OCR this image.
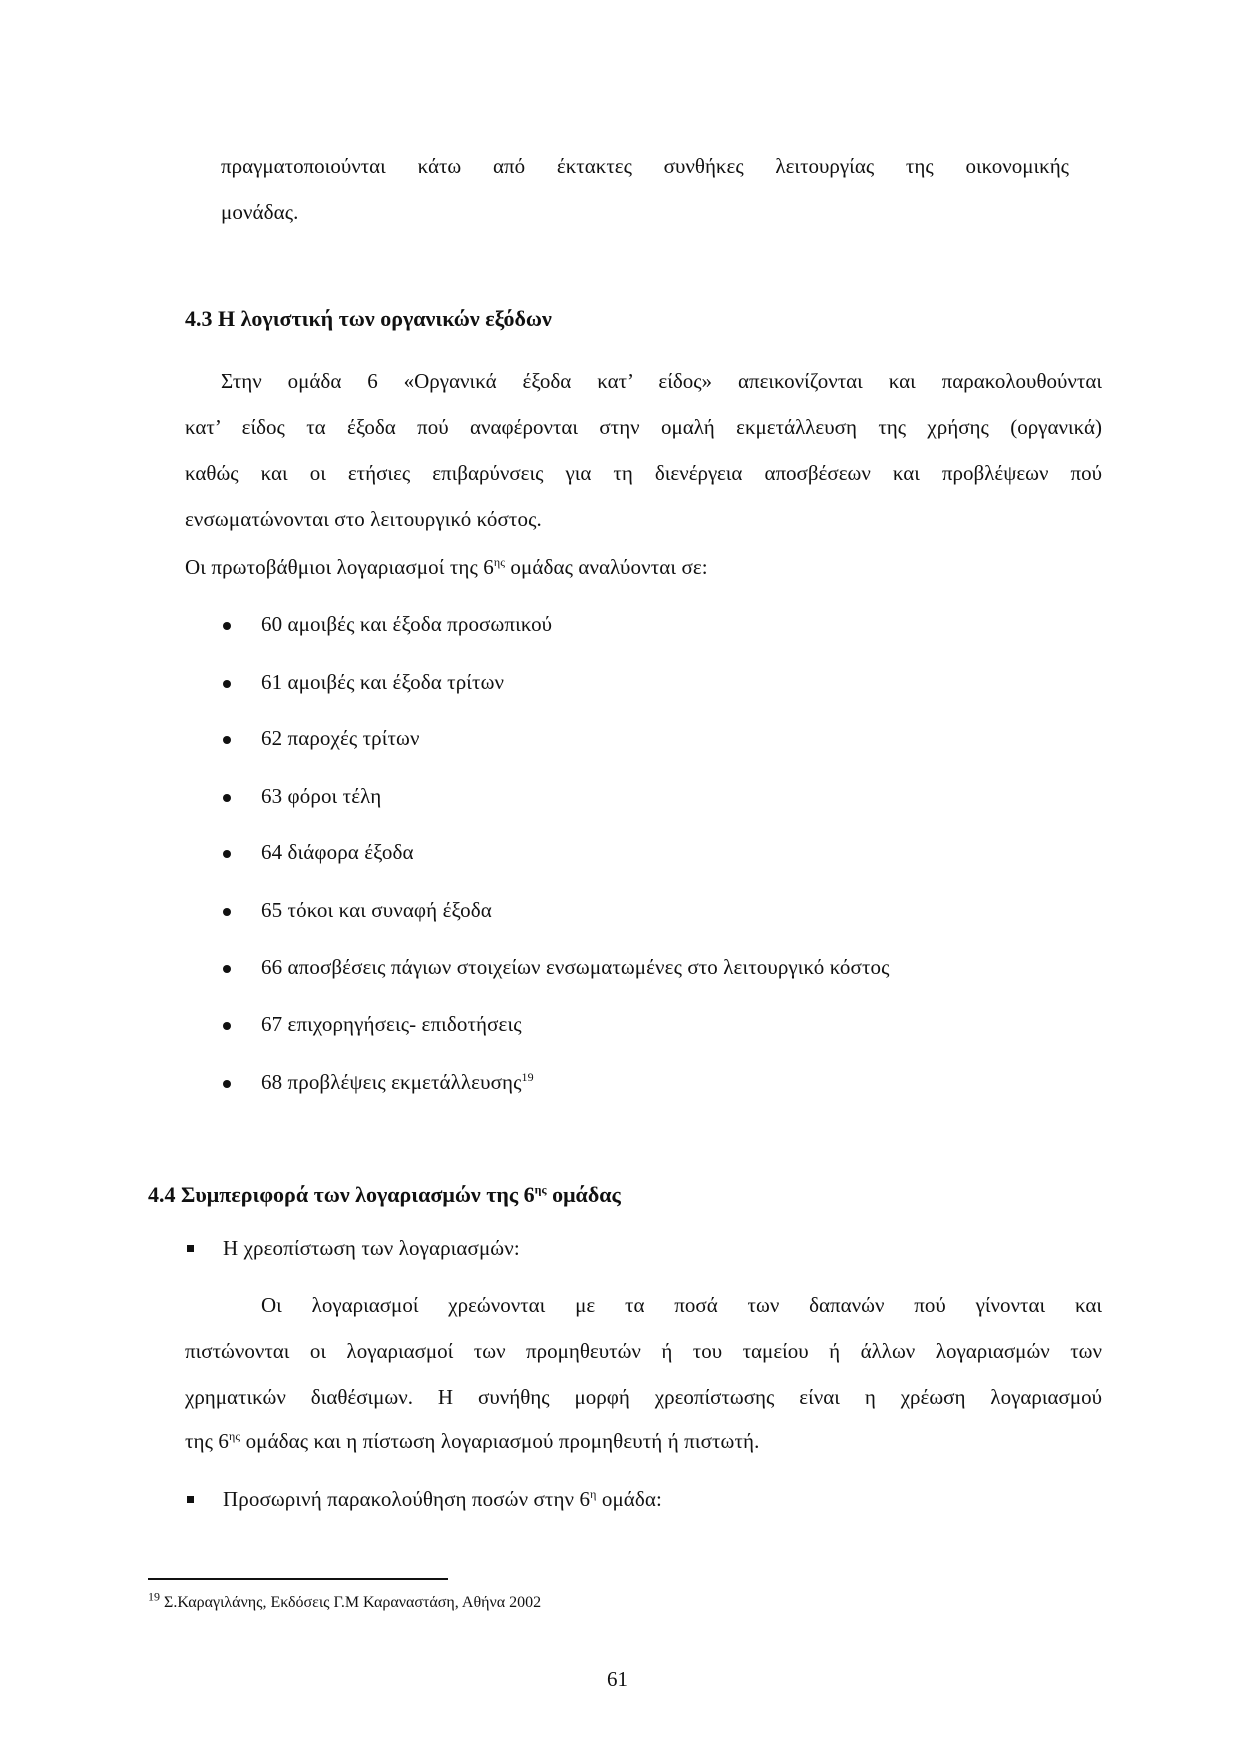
πραγματοποιούνται κάτω από έκτακτες συνθήκες λειτουργίας της οικονομικής
μονάδας.
4.3 Η λογιστική των οργανικών εξόδων
Στην ομάδα 6 «Οργανικά έξοδα κατ’ είδος» απεικονίζονται και παρακολουθούνται
κατ’ είδος τα έξοδα πού αναφέρονται στην ομαλή εκμετάλλευση της χρήσης (οργανικά)
καθώς και οι ετήσιες επιβαρύνσεις για τη διενέργεια αποσβέσεων και προβλέψεων πού
ενσωματώνονται στο λειτουργικό κόστος.
Οι πρωτοβάθμιοι λογαριασμοί της $6^{\eta\varsigma}$ ομάδας αναλύονται σε:
60 αμοιβές και έξοδα προσωπικού
61 αμοιβές και έξοδα τρίτων
62 παροχές τρίτων
63 φόροι τέλη
64 διάφορα έξοδα
65 τόκοι και συναφή έξοδα
66 αποσβέσεις πάγιων στοιχείων ενσωματωμένες στο λειτουργικό κόστος
67 επιχορηγήσεις- επιδοτήσεις
68 προβλέψεις εκμετάλλευσης$^{19}$
4.4 Συμπεριφορά των λογαριασμών της $6^{\eta\varsigma}$ ομάδας
Η χρεοπίστωση των λογαριασμών:
Οι λογαριασμοί χρεώνονται με τα ποσά των δαπανών πού γίνονται και
πιστώνονται οι λογαριασμοί των προμηθευτών ή του ταμείου ή άλλων λογαριασμών των
χρηματικών διαθέσιμων. Η συνήθης μορφή χρεοπίστωσης είναι η χρέωση λογαριασμού
της $6^{\eta\varsigma}$ ομάδας και η πίστωση λογαριασμού προμηθευτή ή πιστωτή.
Προσωρινή παρακολούθηση ποσών στην $6^\eta$ ομάδα:
$^{19}$ Σ.Καραγιλάνης, Εκδόσεις Γ.Μ Καραναστάση, Αθήνα 2002
61
